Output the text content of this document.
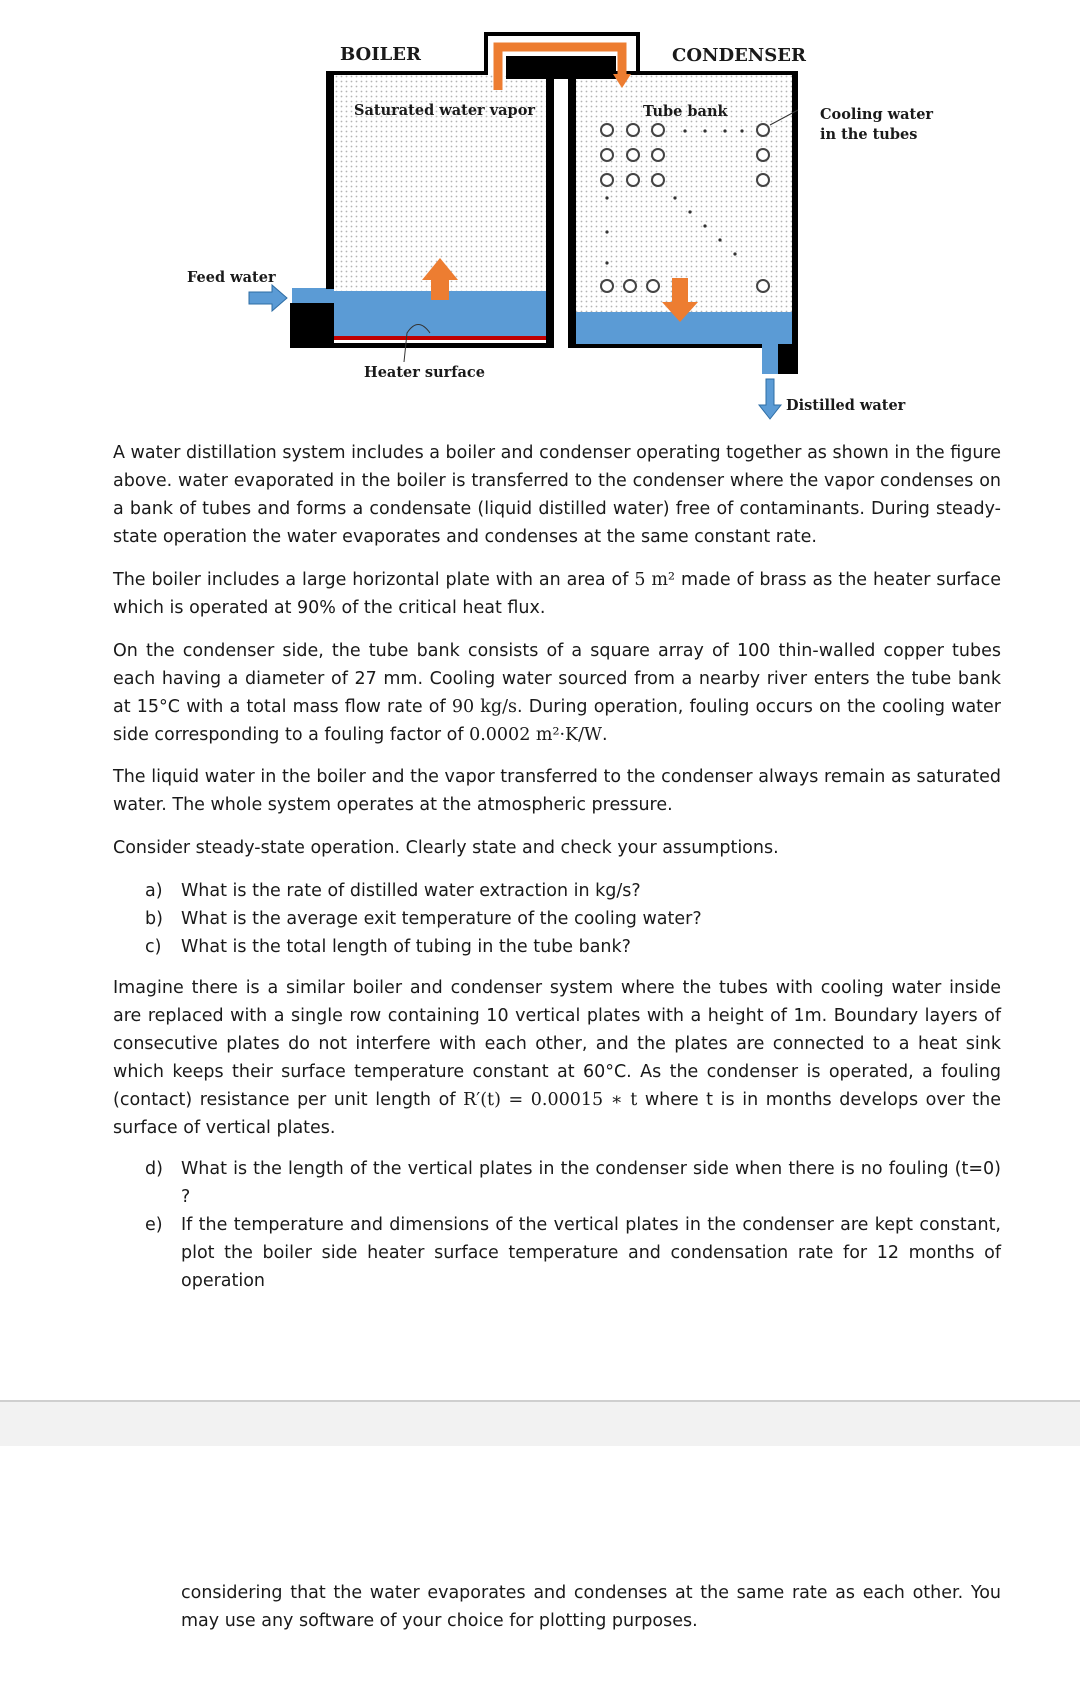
BOILER	CONDENSER
Saturated water vapor	Tube bank	Cooling water
in the tubes
Feed water
Heater surface
Distilled water

A water distillation system includes a boiler and condenser operating together as shown in the figure above. water evaporated in the boiler is transferred to the condenser where the vapor condenses on a bank of tubes and forms a condensate (liquid distilled water) free of contaminants. During steady-state operation the water evaporates and condenses at the same constant rate.

The boiler includes a large horizontal plate with an area of 5 m² made of brass as the heater surface which is operated at 90% of the critical heat flux.

On the condenser side, the tube bank consists of a square array of 100 thin-walled copper tubes each having a diameter of 27 mm. Cooling water sourced from a nearby river enters the tube bank at 15°C with a total mass flow rate of 90 kg/s. During operation, fouling occurs on the cooling water side corresponding to a fouling factor of 0.0002 m²·K/W.

The liquid water in the boiler and the vapor transferred to the condenser always remain as saturated water. The whole system operates at the atmospheric pressure.

Consider steady-state operation. Clearly state and check your assumptions.

a)	What is the rate of distilled water extraction in kg/s?
b)	What is the average exit temperature of the cooling water?
c)	What is the total length of tubing in the tube bank?

Imagine there is a similar boiler and condenser system where the tubes with cooling water inside are replaced with a single row containing 10 vertical plates with a height of 1m. Boundary layers of consecutive plates do not interfere with each other, and the plates are connected to a heat sink which keeps their surface temperature constant at 60°C. As the condenser is operated, a fouling (contact) resistance per unit length of R′(t) = 0.00015 ∗ t where t is in months develops over the surface of vertical plates.

d)	What is the length of the vertical plates in the condenser side when there is no fouling (t=0) ?
e)	If the temperature and dimensions of the vertical plates in the condenser are kept constant, plot the boiler side heater surface temperature and condensation rate for 12 months of operation
considering that the water evaporates and condenses at the same rate as each other. You may use any software of your choice for plotting purposes.
